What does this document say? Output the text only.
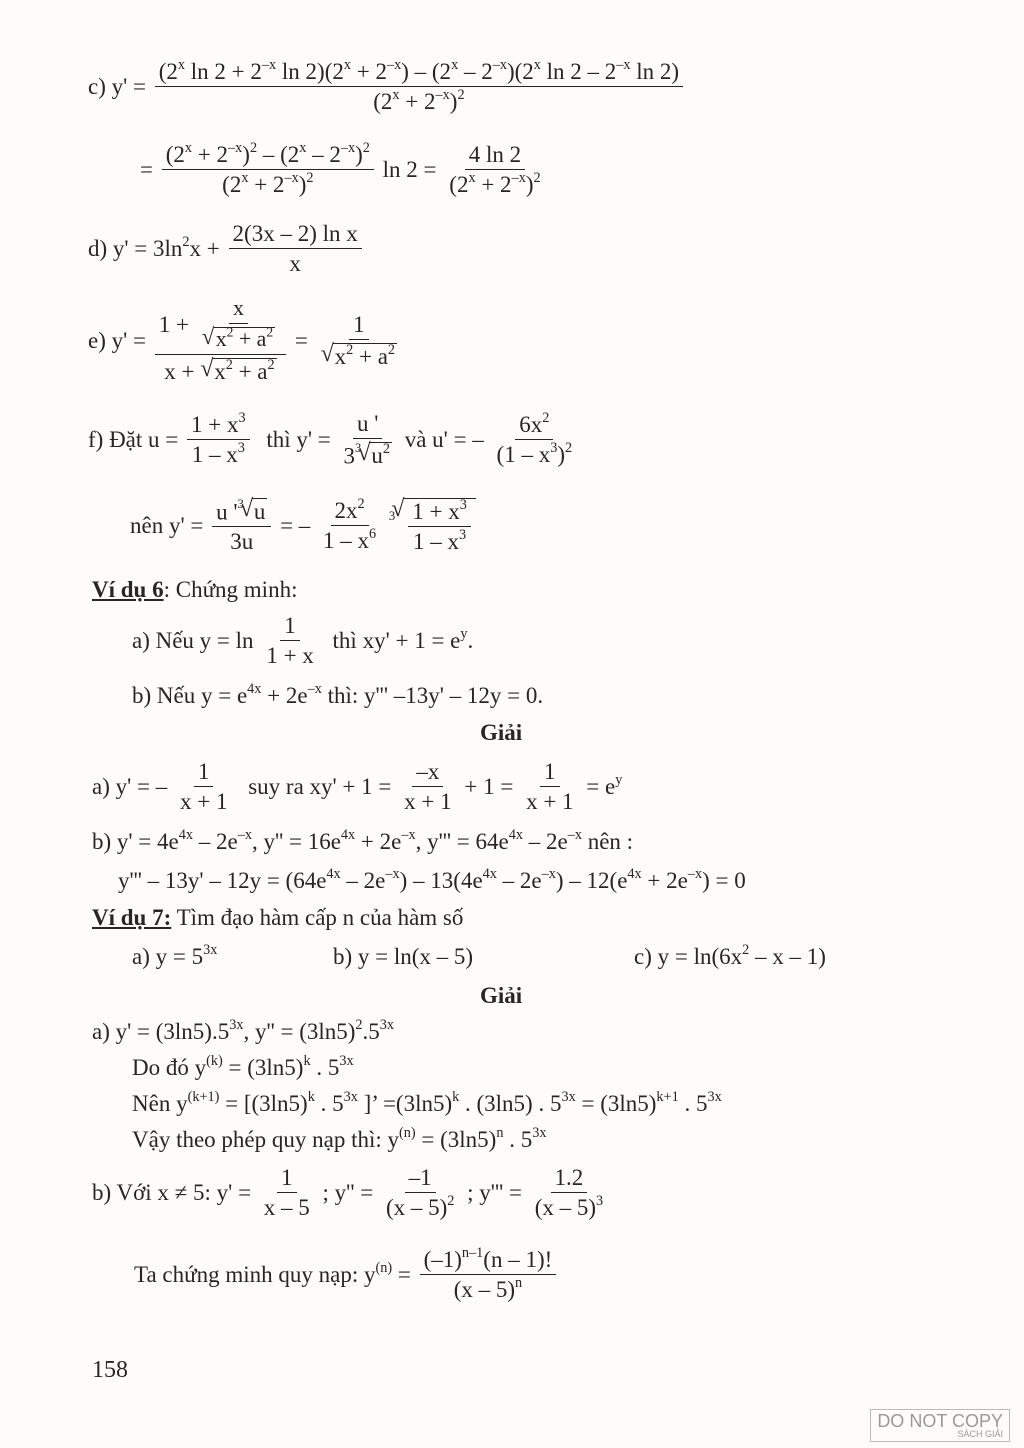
c) y' =
(2$^x$ $\ln 2 + 2^{-x}$ $\ln 2)(2^x + 2^{-x}) - (2^x - 2^{-x})(2^x$ $\ln 2 - 2^{-x}$ ln 2)
$(2^x + 2^{-x})^2$
= $\frac{(2^x + 2^{-x})^2 - (2^x - 2^{-x})^2}{(2^x + 2^{-x})^2}$ $\ln 2 = \frac{4 \ln 2}{(2^x + 2^{-x})^2}$
d) $y' = 3\ln^2x + \frac{\text{2(3x – 2) ln x}}{x}$
e) y' = 1 + x
√ $x^2 + a^2$
x + √ $x^2 + a^2 = 1$
√ $x^2 + a^2$
f) Đặt $u = \frac{1 + x^3}{1 - x^3}$ thì $y' = \frac{u '}{3^3 √ u^2}$ và u' = – $\frac{6x^2}{(1 - x^3)^2}$
nên $y' = \frac{u '^3 √ u}{3u}$ = – $\frac{2x^2}{1 - x^6} ^3$ √ $\frac{1 + x^3}{1 - x^3}$
Ví dụ 6: Chứng minh:
a) Nếu $y = \ln \frac{1}{1 + x}$ thì $xy' + 1 = e^y$.
b) Nếu $y = e^{4x} + 2e^{-x}$ thì: y''' –13y' – 12y = 0.
Giải
a) y' = – $\frac{1}{x + 1}$ suy ra $xy' + 1 = \frac{-x}{x + 1} + 1 = \frac{1}{x + 1} = e^y$
b) $y' = 4e^{4x} - 2e^{-x}$, $y'' = 16e^{4x} + 2e^{-x}$, $y''' = 64e^{4x} - 2e^{-x}$ nên :
$y''' - 13y' - 12y = (64e^{4x} - 2e^{-x}) - 13(4e^{4x} - 2e^{-x}) - 12(e^{4x} + 2e^{-x}) = 0$
Ví dụ 7: Tìm đạo hàm cấp n của hàm số
a) $y = 5^{3x}$	b) y = ln(x – 5)	c) $y = \ln(6x^2 - x - 1)$
Giải
a) $y' = (3\ln 5).5^{3x}$, $y'' = (3\ln 5)^2.5^{3x}$
Do đó $y^{(k)} = (3\ln 5)^k$ . $5^{3x}$
Nên $y^{(k+1)} = [(3\ln 5)^k$ . $5^{3x}$ ]’ $=(3\ln 5)^k$ . (3ln5) . $5^{3x} = (3\ln 5)^{k+1}$ . $5^{3x}$
Vậy theo phép quy nạp thì: $y^{(n)} = (3\ln 5)^n$ . $5^{3x}$
b) Với x ≠ 5: $y' = \frac{1}{x - 5}$ ; $y'' = \frac{-1}{(x - 5)^2}$ ; $y''' = \frac{1.2}{(x - 5)^3}$
Ta chứng minh quy nạp: $y^{(n)} = \frac{(-1)^{n-1}(n - 1)!}{(x - 5)^n}$
158
DO NOT COPY
SÁCH GIẢI
